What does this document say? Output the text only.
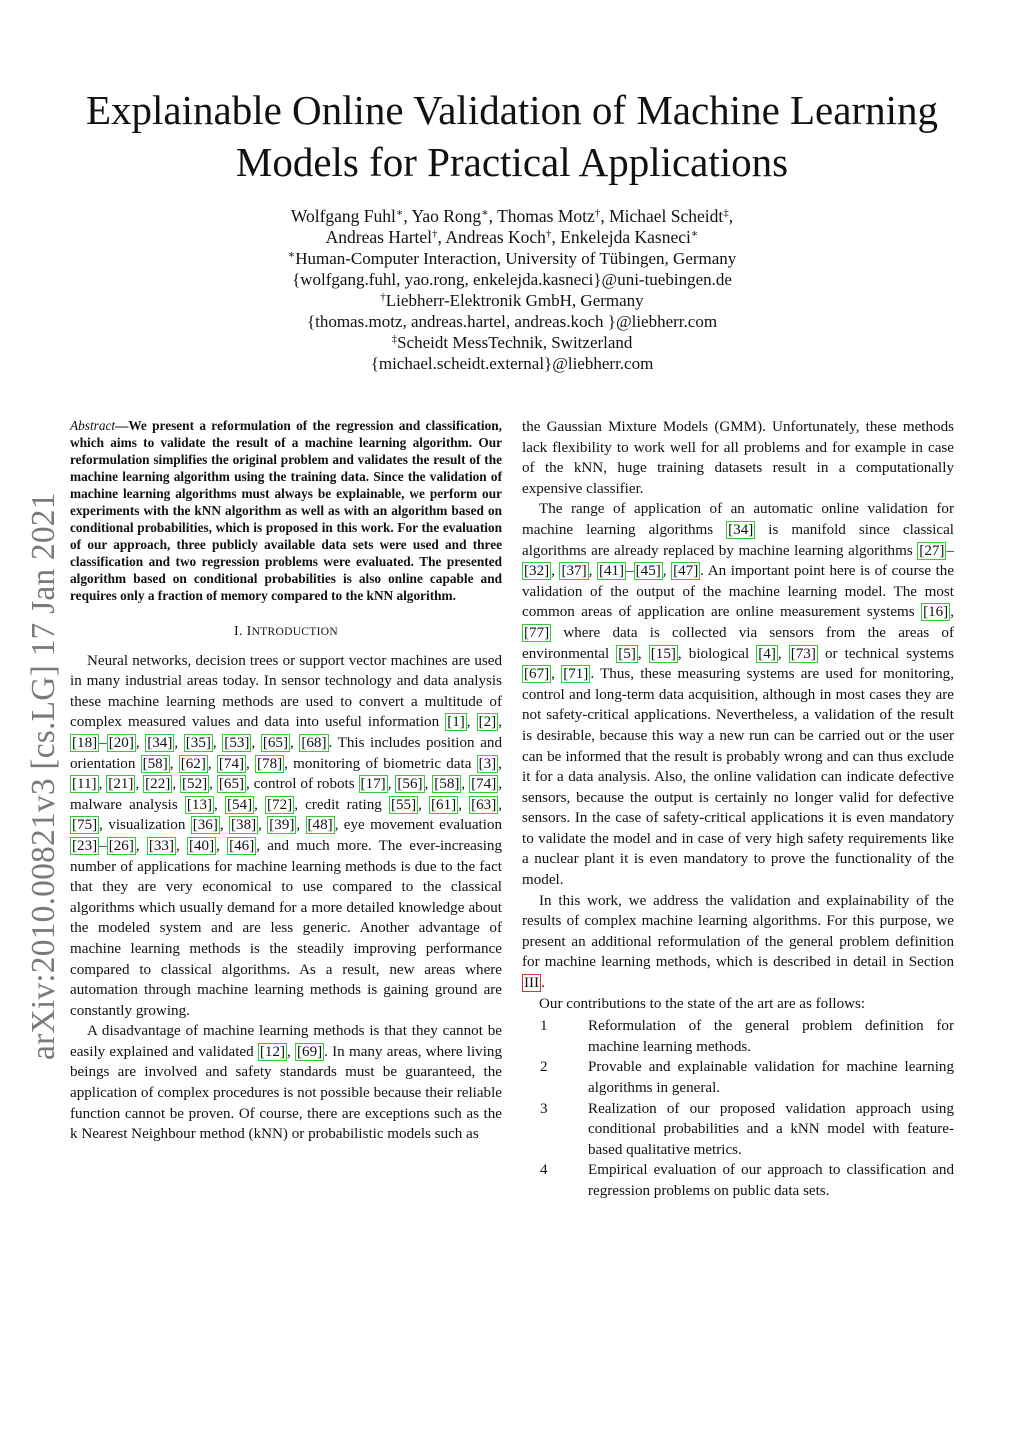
arXiv:2010.00821v3 [cs.LG] 17 Jan 2021
Explainable Online Validation of Machine Learning Models for Practical Applications
Wolfgang Fuhl∗, Yao Rong∗, Thomas Motz†, Michael Scheidt‡,
Andreas Hartel†, Andreas Koch†, Enkelejda Kasneci∗
∗Human-Computer Interaction, University of Tübingen, Germany
{wolfgang.fuhl, yao.rong, enkelejda.kasneci}@uni-tuebingen.de
†Liebherr-Elektronik GmbH, Germany
{thomas.motz, andreas.hartel, andreas.koch }@liebherr.com
‡Scheidt MessTechnik, Switzerland
{michael.scheidt.external}@liebherr.com

Abstract—We present a reformulation of the regression and classification, which aims to validate the result of a machine learning algorithm. Our reformulation simplifies the original problem and validates the result of the machine learning algorithm using the training data. Since the validation of machine learning algorithms must always be explainable, we perform our experiments with the kNN algorithm as well as with an algorithm based on conditional probabilities, which is proposed in this work. For the evaluation of our approach, three publicly available data sets were used and three classification and two regression problems were evaluated. The presented algorithm based on conditional probabilities is also online capable and requires only a fraction of memory compared to the kNN algorithm.

I. INTRODUCTION

Neural networks, decision trees or support vector machines are used in many industrial areas today. In sensor technology and data analysis these machine learning methods are used to convert a multitude of complex measured values and data into useful information [1] , [2] , [18] – [20] , [34] , [35] , [53] , [65] , [68] . This includes position and orientation [58] , [62] , [74] , [78] , monitoring of biometric data [3] , [11] , [21] , [22] , [52] , [65] , control of robots [17] , [56] , [58] , [74] , malware analysis [13] , [54] , [72] , credit rating [55] , [61] , [63] , [75] , visualization [36] , [38] , [39] , [48] , eye movement evaluation [23] – [26] , [33] , [40] , [46] , and much more. The ever-increasing number of applications for machine learning methods is due to the fact that they are very economical to use compared to the classical algorithms which usually demand for a more detailed knowledge about the modeled system and are less generic. Another advantage of machine learning methods is the steadily improving performance compared to classical algorithms. As a result, new areas where automation through machine learning methods is gaining ground are constantly growing.

A disadvantage of machine learning methods is that they cannot be easily explained and validated [12] , [69] . In many areas, where living beings are involved and safety standards must be guaranteed, the application of complex procedures is not possible because their reliable function cannot be proven. Of course, there are exceptions such as the k Nearest Neighbour method (kNN) or probabilistic models such as

the Gaussian Mixture Models (GMM). Unfortunately, these methods lack flexibility to work well for all problems and for example in case of the kNN, huge training datasets result in a computationally expensive classifier.

The range of application of an automatic online validation for machine learning algorithms [34] is manifold since classical algorithms are already replaced by machine learning algorithms [27] –[32] , [37] , [41] – [45] , [47] . An important point here is of course the validation of the output of the machine learning model. The most common areas of application are online measurement systems [16] , [77] where data is collected via sensors from the areas of environmental [5] , [15] , biological [4] , [73] or technical systems [67] , [71] . Thus, these measuring systems are used for monitoring, control and long-term data acquisition, although in most cases they are not safety-critical applications. Nevertheless, a validation of the result is desirable, because this way a new run can be carried out or the user can be informed that the result is probably wrong and can thus exclude it for a data analysis. Also, the online validation can indicate defective sensors, because the output is certainly no longer valid for defective sensors. In the case of safety-critical applications it is even mandatory to validate the model and in case of very high safety requirements like a nuclear plant it is even mandatory to prove the functionality of the model.

In this work, we address the validation and explainability of the results of complex machine learning algorithms. For this purpose, we present an additional reformulation of the general problem definition for machine learning methods, which is described in detail in Section III .

Our contributions to the state of the art are as follows:

1	Reformulation of the general problem definition for machine learning methods.
2	Provable and explainable validation for machine learning algorithms in general.
3	Realization of our proposed validation approach using conditional probabilities and a kNN model with feature-based qualitative metrics.
4	Empirical evaluation of our approach to classification and regression problems on public data sets.
